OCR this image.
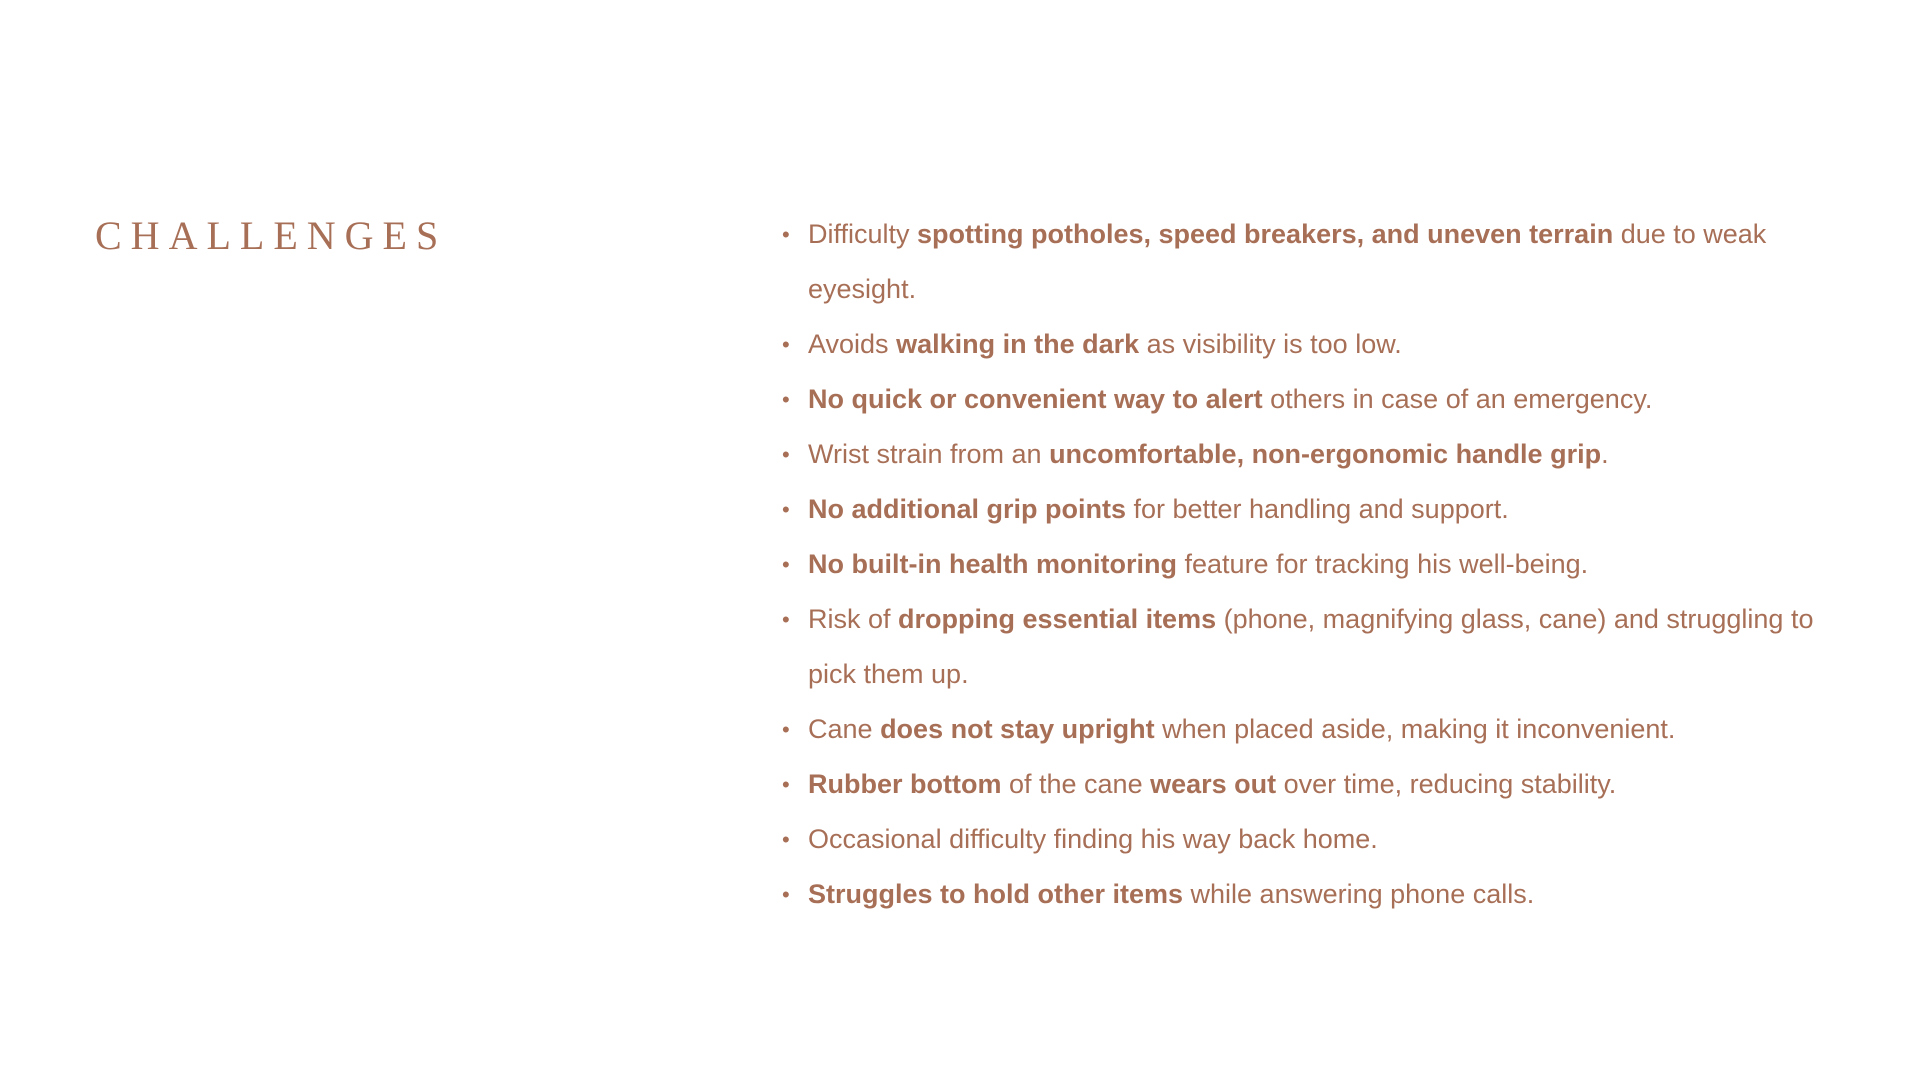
CHALLENGES	• Difficulty spotting potholes, speed breakers, and uneven terrain due to weak eyesight.
• Avoids walking in the dark as visibility is too low.
• No quick or convenient way to alert others in case of an emergency.
• Wrist strain from an uncomfortable, non-ergonomic handle grip.
• No additional grip points for better handling and support.
• No built-in health monitoring feature for tracking his well-being.
• Risk of dropping essential items (phone, magnifying glass, cane) and struggling to pick them up.
• Cane does not stay upright when placed aside, making it inconvenient.
• Rubber bottom of the cane wears out over time, reducing stability.
• Occasional difficulty finding his way back home.
• Struggles to hold other items while answering phone calls.
